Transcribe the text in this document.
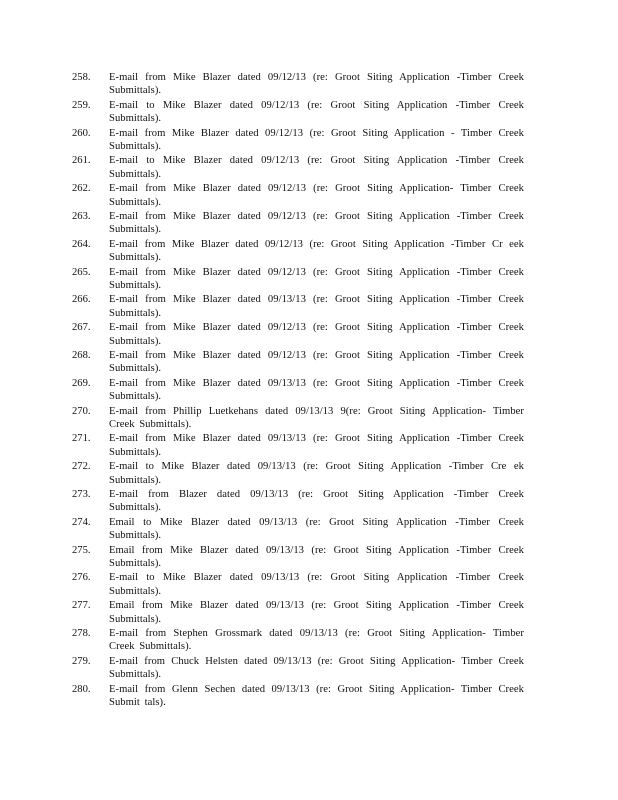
258.	E-mail from Mike Blazer dated 09/12/13 (re: Groot Siting Application -Timber Creek Submittals).
259.	E-mail to Mike Blazer dated 09/12/13 (re: Groot Siting Application -Timber Creek Submittals).
260.	E-mail from Mike Blazer dated 09/12/13 (re: Groot Siting Application - Timber Creek Submittals).
261.	E-mail to Mike Blazer dated 09/12/13 (re: Groot Siting Application -Timber Creek Submittals).
262.	E-mail from Mike Blazer dated 09/12/13 (re: Groot Siting Application- Timber Creek Submittals).
263.	E-mail from Mike Blazer dated 09/12/13 (re: Groot Siting Application -Timber Creek Submittals).
264.	E-mail from Mike Blazer dated 09/12/13 (re: Groot Siting Application -Timber Cr eek Submittals).
265.	E-mail from Mike Blazer dated 09/12/13 (re: Groot Siting Application -Timber Creek Submittals).
266.	E-mail from Mike Blazer dated 09/13/13 (re: Groot Siting Application -Timber Creek Submittals).
267.	E-mail from Mike Blazer dated 09/12/13 (re: Groot Siting Application -Timber Creek Submittals).
268.	E-mail from Mike Blazer dated 09/12/13 (re: Groot Siting Application -Timber Creek Submittals).
269.	E-mail from Mike Blazer dated 09/13/13 (re: Groot Siting Application -Timber Creek Submittals).
270.	E-mail from Phillip Luetkehans dated 09/13/13 9(re: Groot Siting Application- Timber Creek Submittals).
271.	E-mail from Mike Blazer dated 09/13/13 (re: Groot Siting Application -Timber Creek Submittals).
272.	E-mail to Mike Blazer dated 09/13/13 (re: Groot Siting Application -Timber Cre ek Submittals).
273.	E-mail from Blazer dated 09/13/13 (re: Groot Siting Application -Timber Creek Submittals).
274.	Email to Mike Blazer dated 09/13/13 (re: Groot Siting Application -Timber Creek Submittals).
275.	Email from Mike Blazer dated 09/13/13 (re: Groot Siting Application -Timber Creek Submittals).
276.	E-mail to Mike Blazer dated 09/13/13 (re: Groot Siting Application -Timber Creek Submittals).
277.	Email from Mike Blazer dated 09/13/13 (re: Groot Siting Application -Timber Creek Submittals).
278.	E-mail from Stephen Grossmark dated 09/13/13 (re: Groot Siting Application- Timber Creek Submittals).
279.	E-mail from Chuck Helsten dated 09/13/13 (re: Groot Siting Application- Timber Creek Submittals).
280.	E-mail from Glenn Sechen dated 09/13/13 (re: Groot Siting Application- Timber Creek Submit tals).
